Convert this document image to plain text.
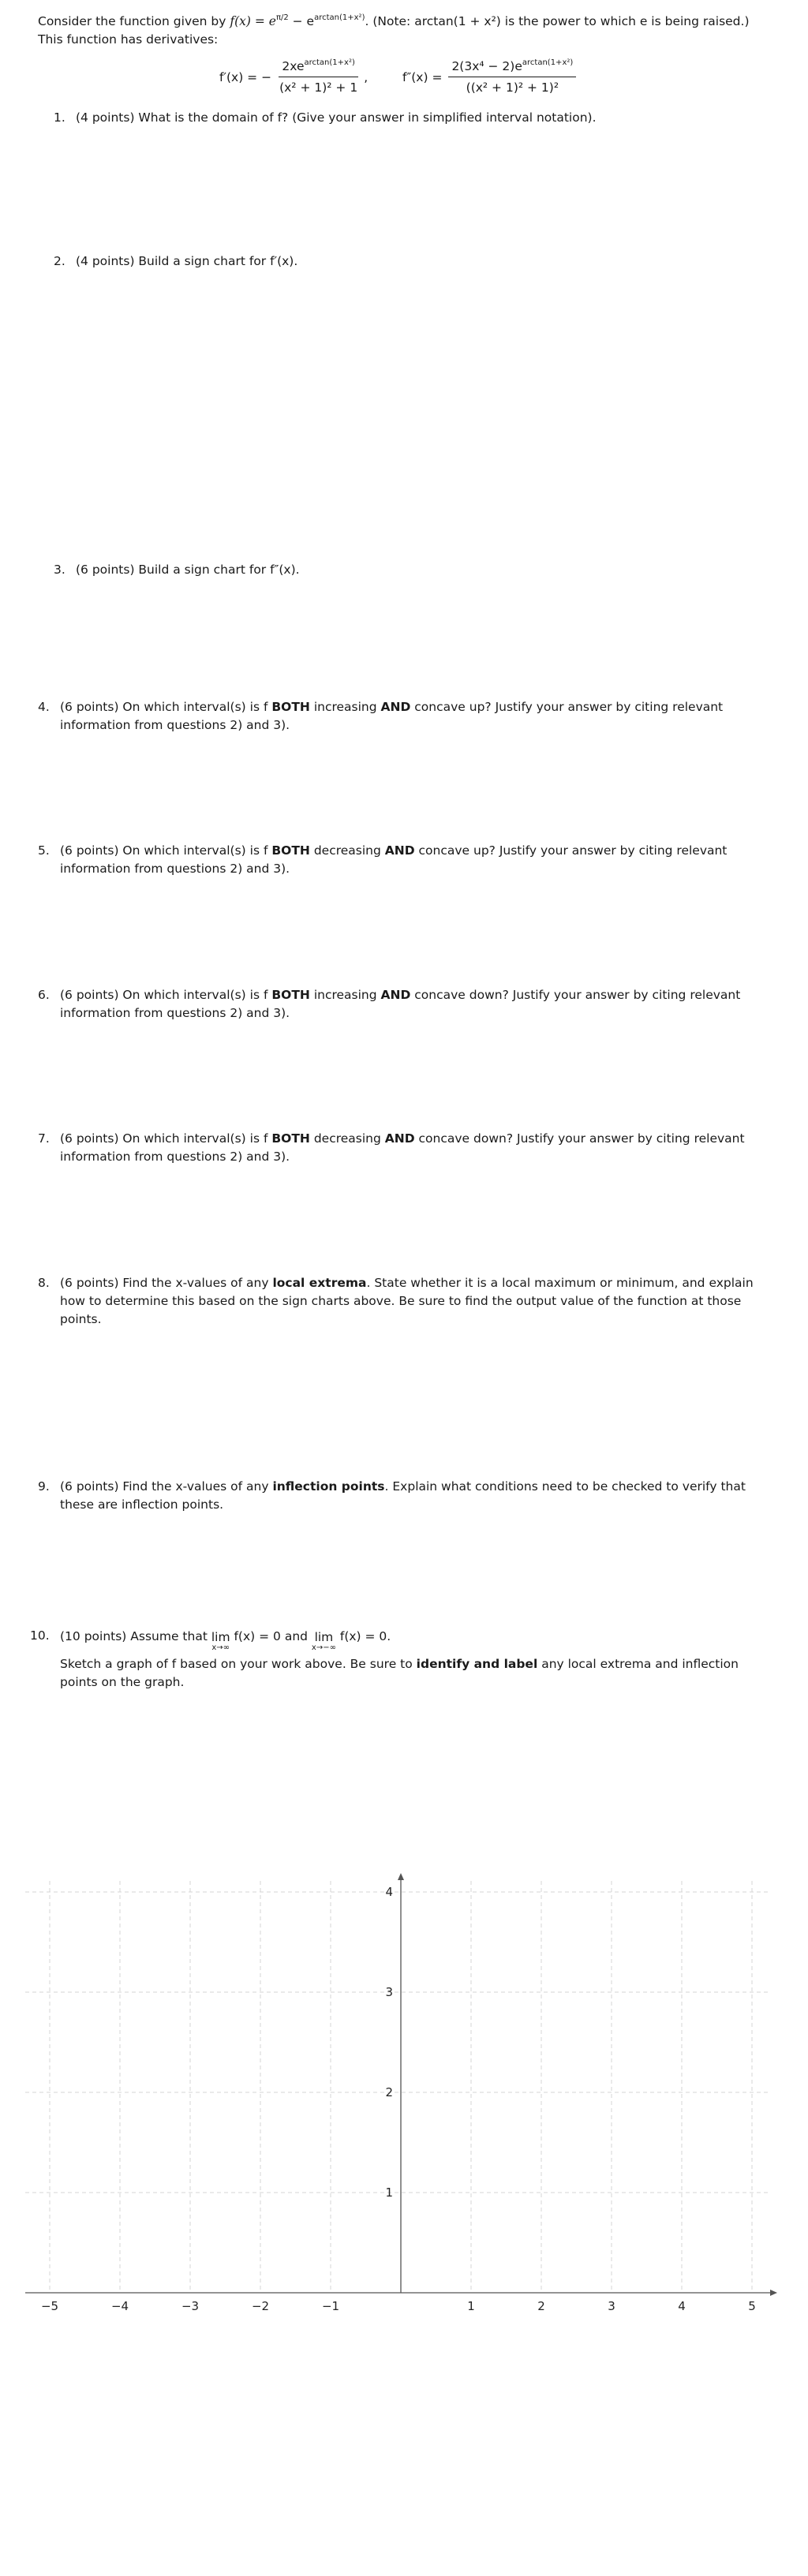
Consider the function given by $f(x) = e^{\pi/2} - e^{arctan(1+x^2)}$. (Note: arctan(1 + x²) is the power to which e is being raised.) This function has derivatives:
f′(x) = − $\frac{2xe^{arctan(1+x^2)}}{\text{(x² + 1)² + 1}}$ ,	$f''(x) = \frac{2(3x^4 - 2)e^{arctan(1+x^2)}}{\text{((x² + 1)² + 1)²}}$
1. (4 points) What is the domain of f? (Give your answer in simplified interval notation).
2. (4 points) Build a sign chart for f′(x).
3. (6 points) Build a sign chart for f″(x).
4. (6 points) On which interval(s) is f BOTH increasing AND concave up? Justify your answer by citing relevant information from questions 2) and 3).
5. (6 points) On which interval(s) is f BOTH decreasing AND concave up? Justify your answer by citing relevant information from questions 2) and 3).
6. (6 points) On which interval(s) is f BOTH increasing AND concave down? Justify your answer by citing relevant information from questions 2) and 3).
7. (6 points) On which interval(s) is f BOTH decreasing AND concave down? Justify your answer by citing relevant information from questions 2) and 3).
8. (6 points) Find the x-values of any local extrema. State whether it is a local maximum or minimum, and explain how to determine this based on the sign charts above. Be sure to find the output value of the function at those points.
9. (6 points) Find the x-values of any inflection points. Explain what conditions need to be checked to verify that these are inflection points.
10. (10 points) Assume that lim
x→∞
f(x) = 0 and lim
x→−∞
f(x) = 0.
Sketch a graph of f based on your work above. Be sure to identify and label any local extrema and inflection points on the graph.
−5	−4	−3	−2	−1	1	2	3	4	5
1
2
3
4
